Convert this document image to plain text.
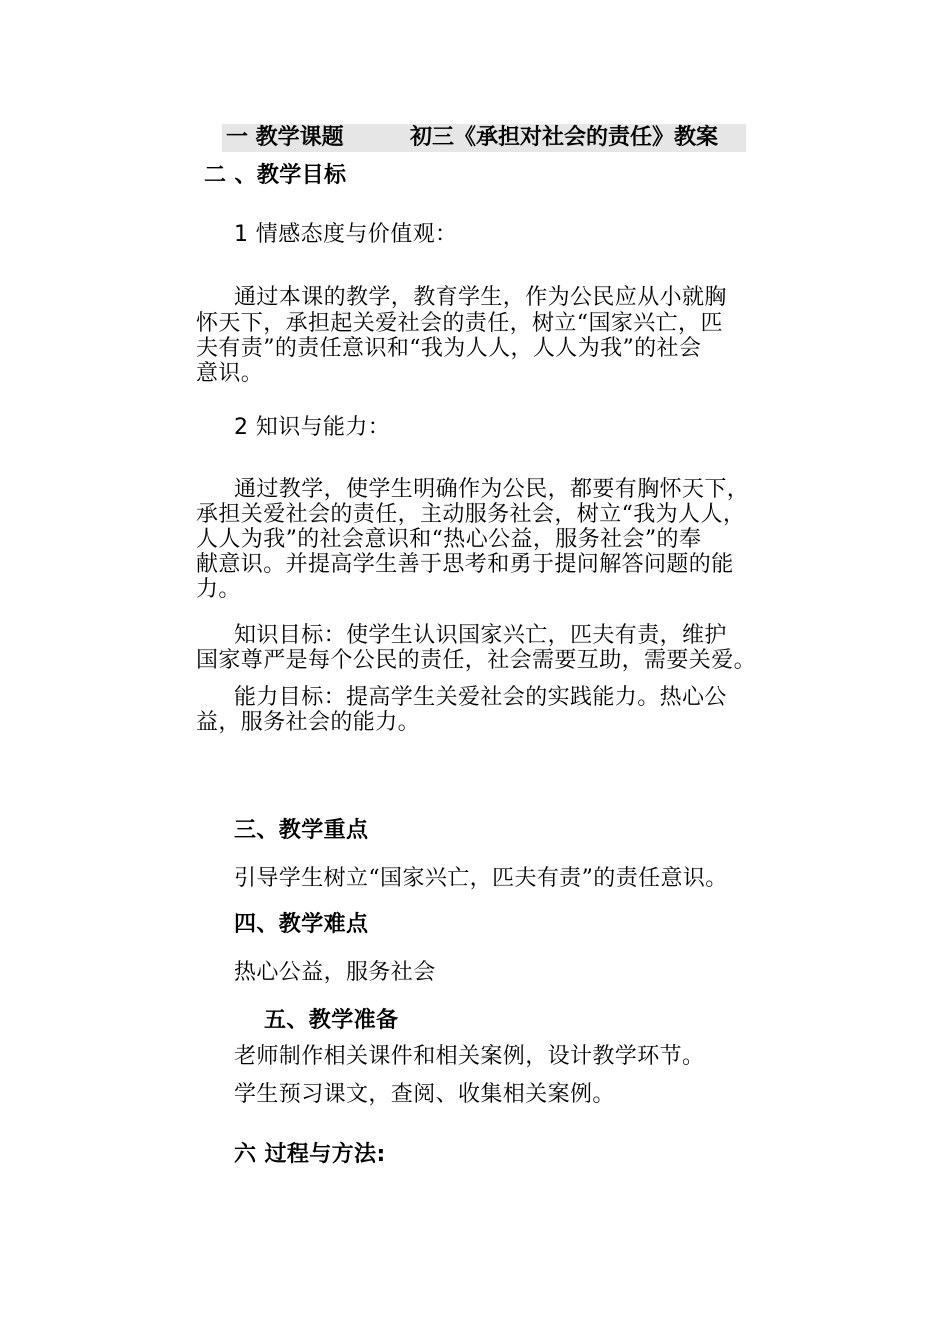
一 教学课题	初三《承担对社会的责任》教案
二 、教学目标
1 情感态度与价值观：
通过本课的教学，教育学生，作为公民应从小就胸
怀天下，承担起关爱社会的责任，树立“国家兴亡，匹
夫有责”的责任意识和“我为人人，人人为我”的社会
意识。
2 知识与能力：
通过教学，使学生明确作为公民，都要有胸怀天下，
承担关爱社会的责任，主动服务社会，树立“我为人人，
人人为我”的社会意识和“热心公益，服务社会”的奉
献意识。并提高学生善于思考和勇于提问解答问题的能
力。
知识目标：使学生认识国家兴亡，匹夫有责，维护
国家尊严是每个公民的责任，社会需要互助，需要关爱。
能力目标：提高学生关爱社会的实践能力。热心公
益，服务社会的能力。
三、教学重点
引导学生树立“国家兴亡，匹夫有责”的责任意识。
四、教学难点
热心公益，服务社会
五、教学准备
老师制作相关课件和相关案例，设计教学环节。
学生预习课文，查阅、收集相关案例。
六 过程与方法:
